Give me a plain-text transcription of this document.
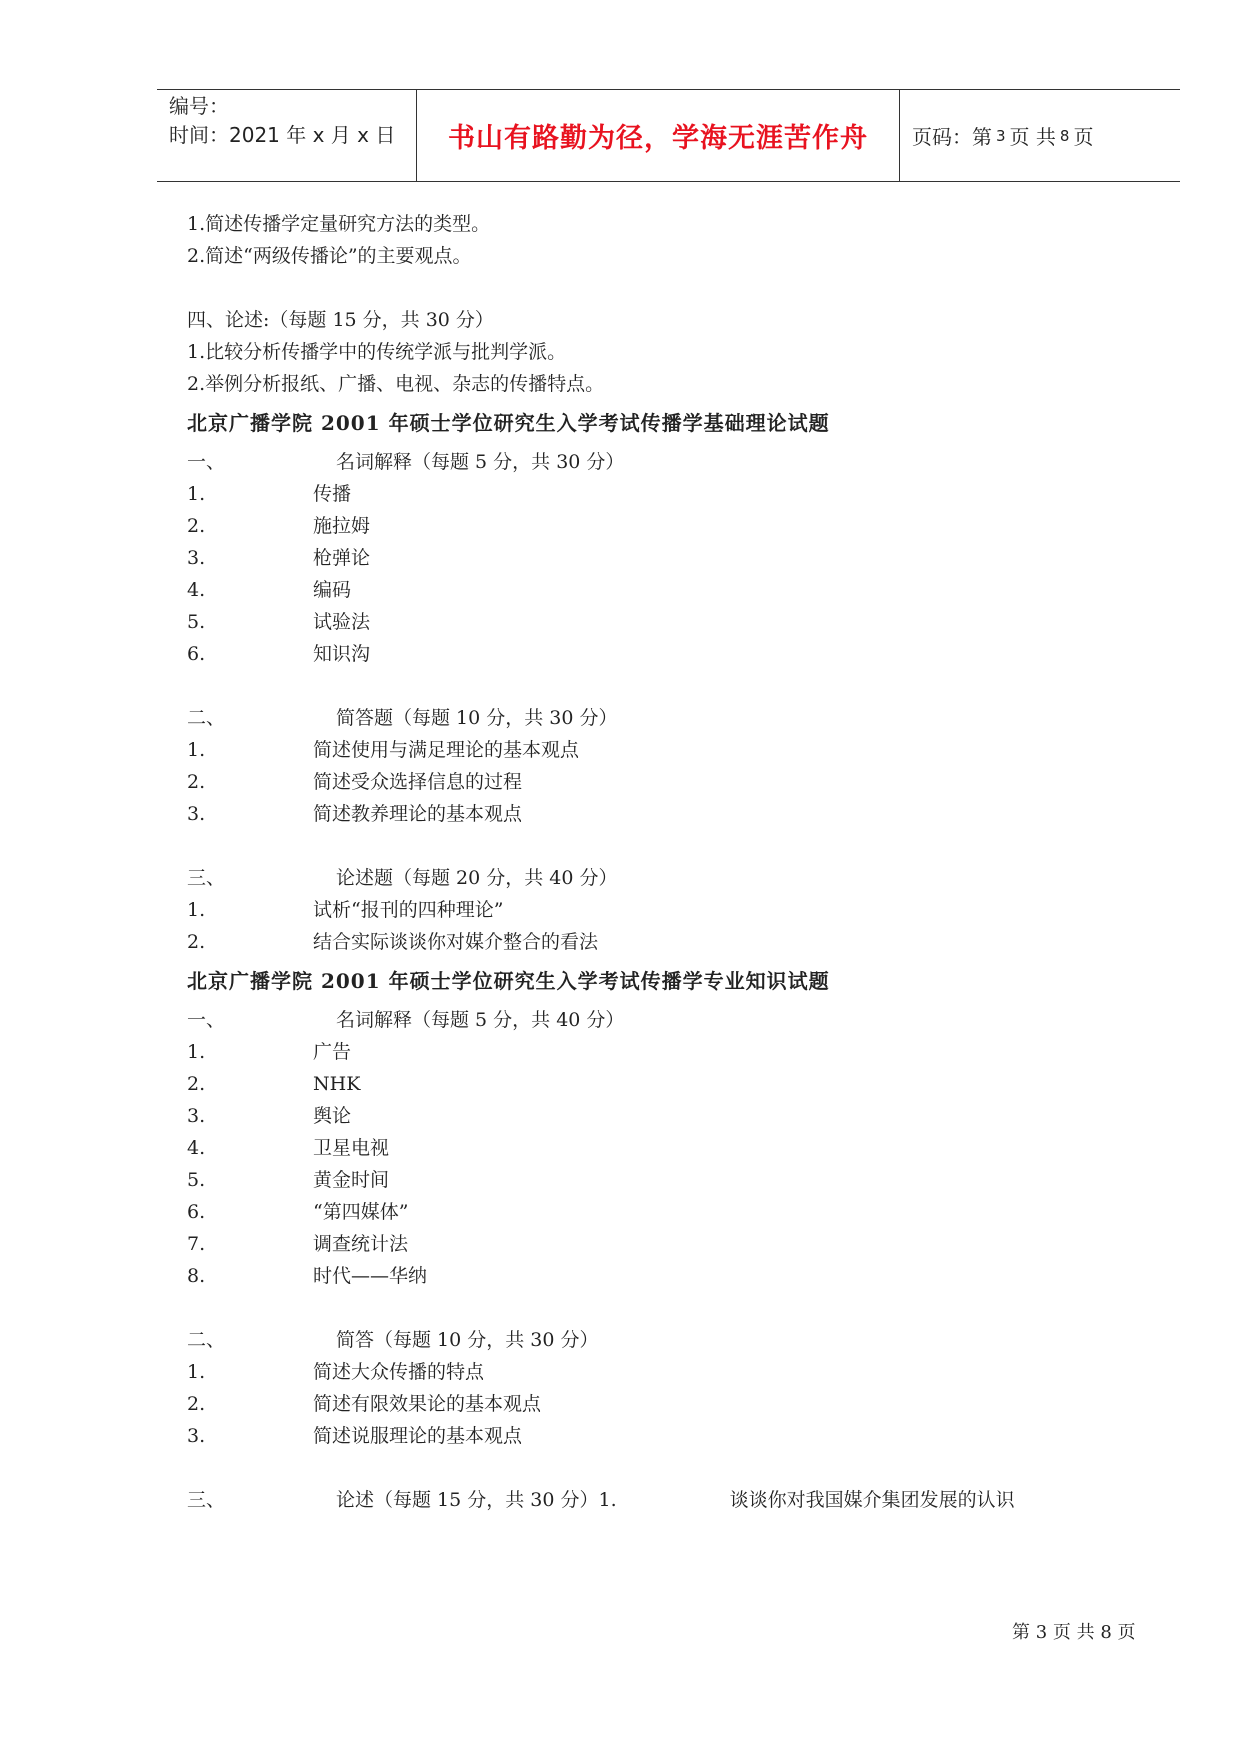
编号：
时间：2021 年 x 月 x 日	书山有路勤为径，学海无涯苦作舟	页码：第 3 页 共 8 页
1.简述传播学定量研究方法的类型。
2.简述“两级传播论”的主要观点。
四、论述:（每题 15 分，共 30 分）
1.比较分析传播学中的传统学派与批判学派。
2.举例分析报纸、广播、电视、杂志的传播特点。
北京广播学院 2001 年硕士学位研究生入学考试传播学基础理论试题
一、	名词解释（每题 5 分，共 30 分）
1.	传播
2.	施拉姆
3.	枪弹论
4.	编码
5.	试验法
6.	知识沟
二、	简答题（每题 10 分，共 30 分）
1.	简述使用与满足理论的基本观点
2.	简述受众选择信息的过程
3.	简述教养理论的基本观点
三、	论述题（每题 20 分，共 40 分）
1.	试析“报刊的四种理论”
2.	结合实际谈谈你对媒介整合的看法
北京广播学院 2001 年硕士学位研究生入学考试传播学专业知识试题
一、	名词解释（每题 5 分，共 40 分）
1.	广告
2.	NHK
3.	舆论
4.	卫星电视
5.	黄金时间
6.	“第四媒体”
7.	调查统计法
8.	时代——华纳
二、	简答（每题 10 分，共 30 分）
1.	简述大众传播的特点
2.	简述有限效果论的基本观点
3.	简述说服理论的基本观点
三、	论述（每题 15 分，共 30 分）1.	谈谈你对我国媒介集团发展的认识
第 3 页 共 8 页
